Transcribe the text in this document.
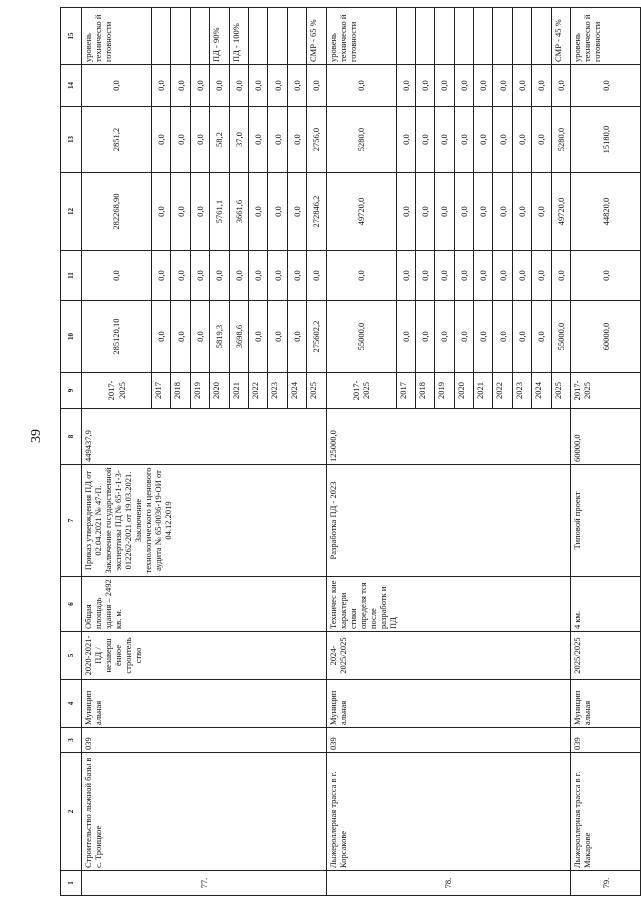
39
1	2	3	4	5	6	7	8	9	10	11	12	13	14	15
77.	Строительство лыжной базы в с. Троицкое	039	Муницип альная	2020-2021-ПД / незаверш ённое строитель ство	Общая площадь здания – 2492 кв. м.	Приказ утверждения ПД от 02.04.2021 № 47-П. Заключение государственной экспертизы ПД № 65-1-1-3-012262-2021 от 19.03.2021. Заключение технологического и ценового аудита № 65-0036-19-ОИ от 04.12.2019	449437,9	2017-2025	285120,10	0,0	282268,90	2851,2	0,0	уровень техническо й готовности
								2017	0,0	0,0	0,0	0,0	0,0	
								2018	0,0	0,0	0,0	0,0	0,0	
								2019	0,0	0,0	0,0	0,0	0,0	
								2020	5819,3	0,0	5761,1	58,2	0,0	ПД - 90%
								2021	3698,6	0,0	3661,6	37,0	0,0	ПД - 100%
								2022	0,0	0,0	0,0	0,0	0,0	
								2023	0,0	0,0	0,0	0,0	0,0	
								2024	0,0	0,0	0,0	0,0	0,0	
								2025	275602,2	0,0	272846,2	2756,0	0,0	СМР - 65 %
78.	Лыжероллерная трасса в г. Корсакове	039	Муницип альная	2024-2025/2025	Техничес кие характери стики определя тся после разработк и ПД	Разработка ПД - 2023	125000,0	2017-2025	55000,0	0,0	49720,0	5280,0	0,0	уровень техническо й готовности
								2017	0,0	0,0	0,0	0,0	0,0	
								2018	0,0	0,0	0,0	0,0	0,0	
								2019	0,0	0,0	0,0	0,0	0,0	
								2020	0,0	0,0	0,0	0,0	0,0	
								2021	0,0	0,0	0,0	0,0	0,0	
								2022	0,0	0,0	0,0	0,0	0,0	
								2023	0,0	0,0	0,0	0,0	0,0	
								2024	0,0	0,0	0,0	0,0	0,0	
								2025	55000,0	0,0	49720,0	5280,0	0,0	СМР - 45 %
79.	Лыжероллерная трасса в г. Макарове	039	Муницип альная	2025/2025	4 км.	Типовой проект	60000,0	2017-2025	60000,0	0,0	44820,0	15180,0	0,0	уровень техническо й готовности
